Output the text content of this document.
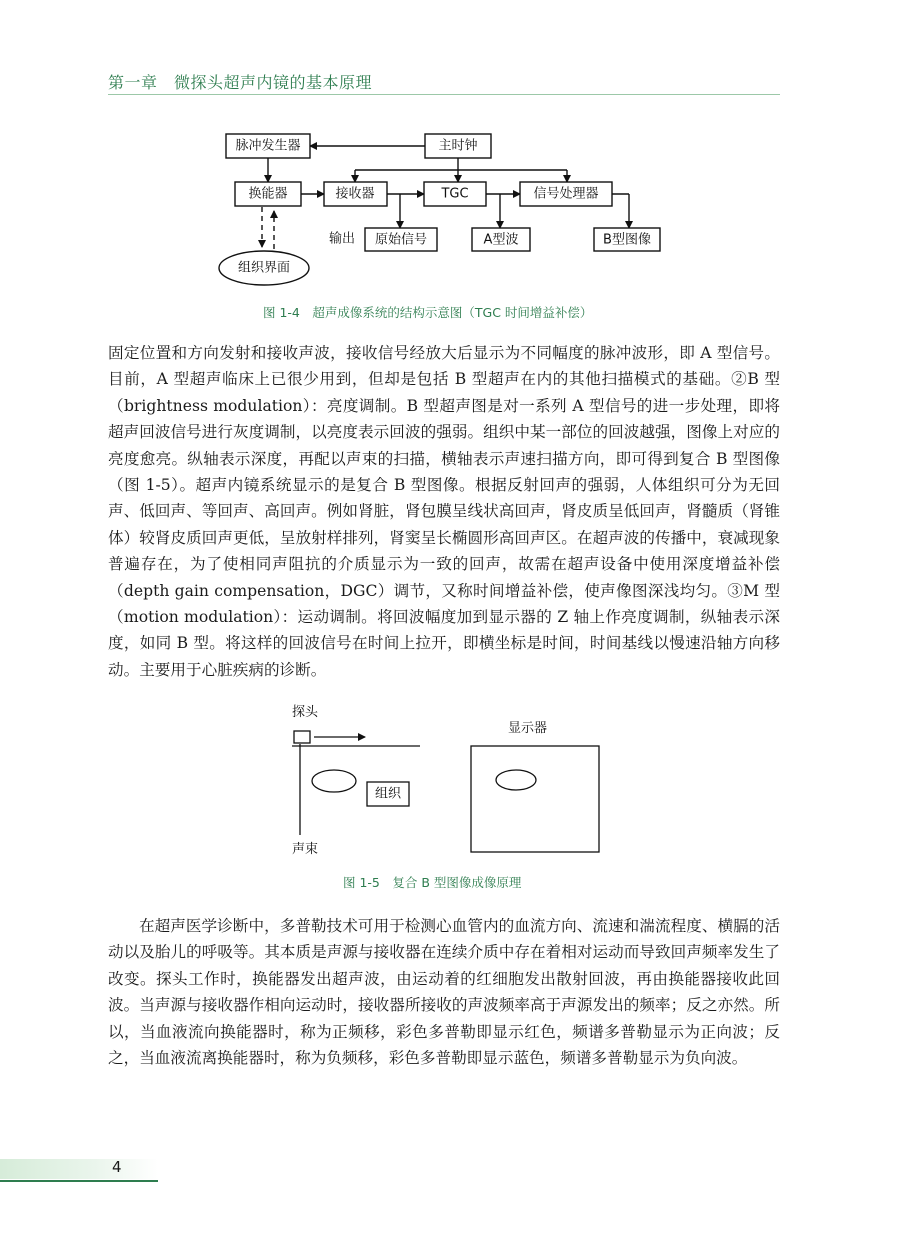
第一章　微探头超声内镜的基本原理
脉冲发生器	主时钟
换能器	接收器	TGC	信号处理器
原始信号	A型波	B型图像
组织界面
输出
图 1-4　超声成像系统的结构示意图（TGC 时间增益补偿）

固定位置和方向发射和接收声波，接收信号经放大后显示为不同幅度的脉冲波形，即 A 型信号。目前，A 型超声临床上已很少用到，但却是包括 B 型超声在内的其他扫描模式的基础。②B 型（brightness modulation）：亮度调制。B 型超声图是对一系列 A 型信号的进一步处理，即将超声回波信号进行灰度调制，以亮度表示回波的强弱。组织中某一部位的回波越强，图像上对应的亮度愈亮。纵轴表示深度，再配以声束的扫描，横轴表示声速扫描方向，即可得到复合 B 型图像（图 1-5）。超声内镜系统显示的是复合 B 型图像。根据反射回声的强弱，人体组织可分为无回声、低回声、等回声、高回声。例如肾脏，肾包膜呈线状高回声，肾皮质呈低回声，肾髓质（肾锥体）较肾皮质回声更低，呈放射样排列，肾窦呈长椭圆形高回声区。在超声波的传播中，衰减现象普遍存在，为了使相同声阻抗的介质显示为一致的回声，故需在超声设备中使用深度增益补偿（depth gain compensation，DGC）调节，又称时间增益补偿，使声像图深浅均匀。③M 型（motion modulation）：运动调制。将回波幅度加到显示器的 Z 轴上作亮度调制，纵轴表示深度，如同 B 型。将这样的回波信号在时间上拉开，即横坐标是时间，时间基线以慢速沿轴方向移动。主要用于心脏疾病的诊断。

探头
显示器
组织
声束
图 1-5　复合 B 型图像成像原理

在超声医学诊断中，多普勒技术可用于检测心血管内的血流方向、流速和湍流程度、横膈的活动以及胎儿的呼吸等。其本质是声源与接收器在连续介质中存在着相对运动而导致回声频率发生了改变。探头工作时，换能器发出超声波，由运动着的红细胞发出散射回波，再由换能器接收此回波。当声源与接收器作相向运动时，接收器所接收的声波频率高于声源发出的频率；反之亦然。所以，当血液流向换能器时，称为正频移，彩色多普勒即显示红色，频谱多普勒显示为正向波；反之，当血液流离换能器时，称为负频移，彩色多普勒即显示蓝色，频谱多普勒显示为负向波。

4
